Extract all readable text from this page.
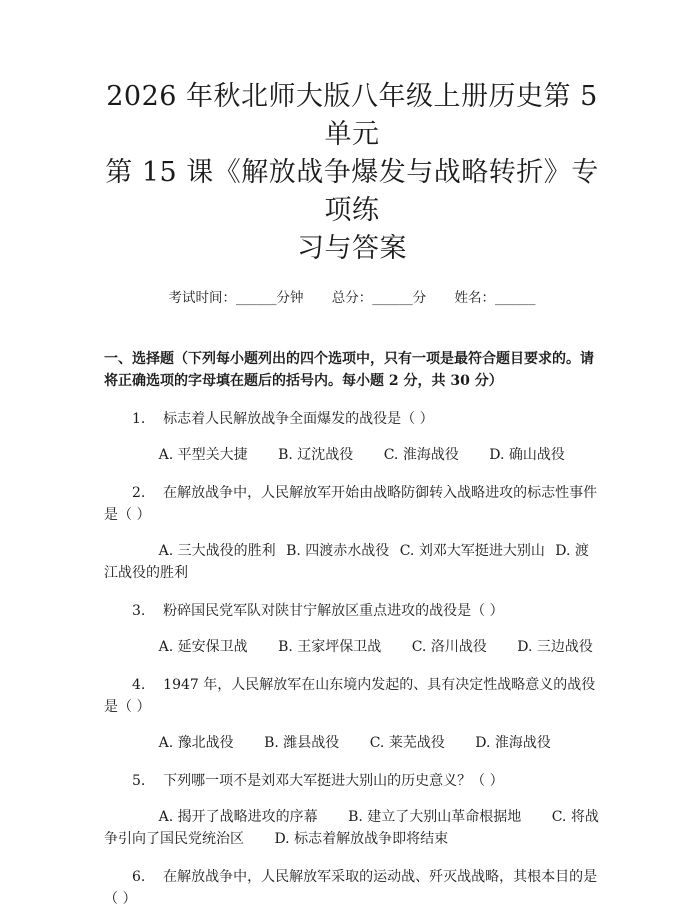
2026 年秋北师大版八年级上册历史第 5 单元
第 15 课《解放战争爆发与战略转折》专项练
习与答案
考试时间：______分钟 总分：______分 姓名：______
一、选择题（下列每小题列出的四个选项中，只有一项是最符合题目要求的。请将正确选项的字母填在题后的括号内。每小题 2 分，共 30 分）
1.    标志着人民解放战争全面爆发的战役是（ ）
A. 平型关大捷 B. 辽沈战役 C. 淮海战役 D. 确山战役
2.    在解放战争中，人民解放军开始由战略防御转入战略进攻的标志性事件是（ ）
A. 三大战役的胜利 B. 四渡赤水战役 C. 刘邓大军挺进大别山 D. 渡江战役的胜利
3.    粉碎国民党军队对陕甘宁解放区重点进攻的战役是（ ）
A. 延安保卫战 B. 王家坪保卫战 C. 洛川战役 D. 三边战役
4.    1947 年，人民解放军在山东境内发起的、具有决定性战略意义的战役是（ ）
A. 豫北战役 B. 潍县战役 C. 莱芜战役 D. 淮海战役
5.    下列哪一项不是刘邓大军挺进大别山的历史意义？（ ）
A. 揭开了战略进攻的序幕 B. 建立了大别山革命根据地 C. 将战争引向了国民党统治区 D. 标志着解放战争即将结束
6.    在解放战争中，人民解放军采取的运动战、歼灭战战略，其根本目的是（ ）
